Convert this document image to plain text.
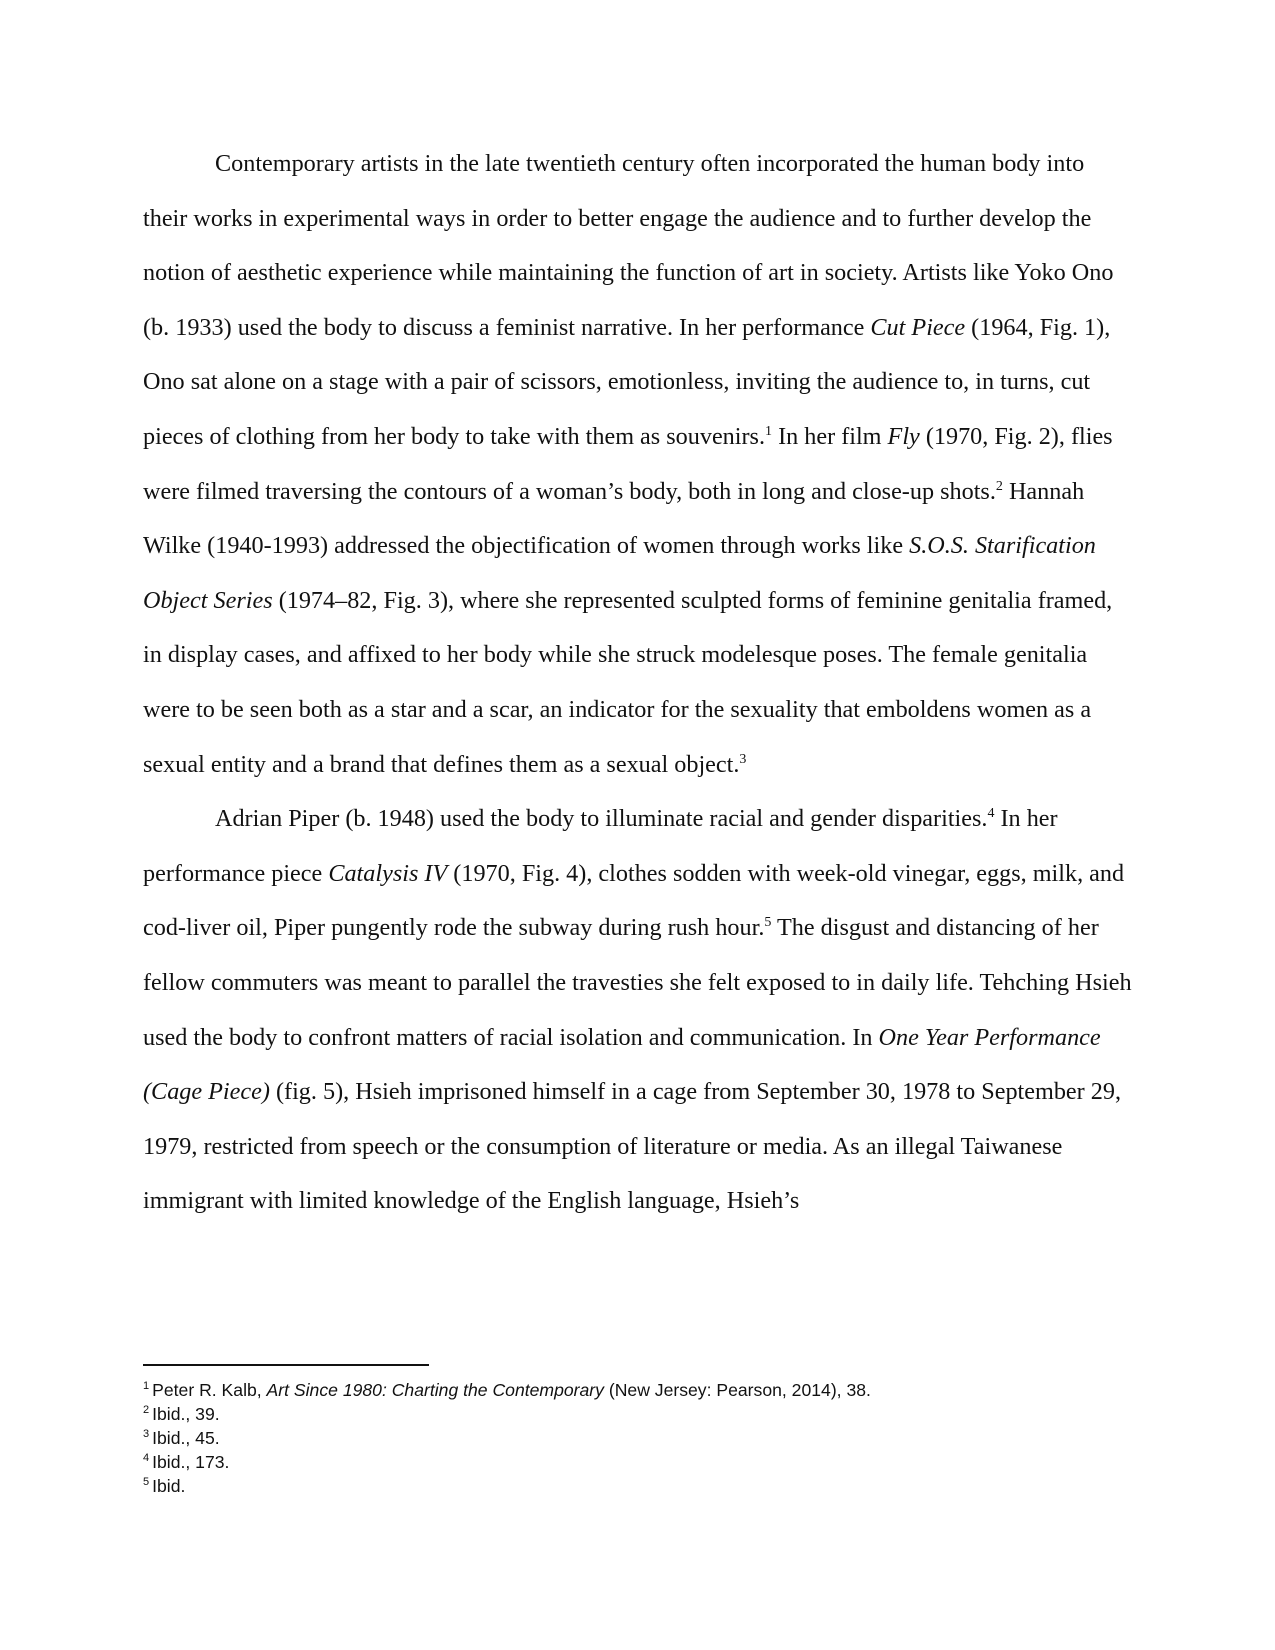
Contemporary artists in the late twentieth century often incorporated the human body into their works in experimental ways in order to better engage the audience and to further develop the notion of aesthetic experience while maintaining the function of art in society. Artists like Yoko Ono (b. 1933) used the body to discuss a feminist narrative. In her performance Cut Piece (1964, Fig. 1), Ono sat alone on a stage with a pair of scissors, emotionless, inviting the audience to, in turns, cut pieces of clothing from her body to take with them as souvenirs.$^1$ In her film Fly (1970, Fig. 2), flies were filmed traversing the contours of a woman’s body, both in long and close-up shots.$^2$ Hannah Wilke (1940-1993) addressed the objectification of women through works like S.O.S. Starification Object Series (1974–82, Fig. 3), where she represented sculpted forms of feminine genitalia framed, in display cases, and affixed to her body while she struck modelesque poses. The female genitalia were to be seen both as a star and a scar, an indicator for the sexuality that emboldens women as a sexual entity and a brand that defines them as a sexual object.$^3$

Adrian Piper (b. 1948) used the body to illuminate racial and gender disparities.$^4$ In her performance piece Catalysis IV (1970, Fig. 4), clothes sodden with week-old vinegar, eggs, milk, and cod-liver oil, Piper pungently rode the subway during rush hour.$^5$ The disgust and distancing of her fellow commuters was meant to parallel the travesties she felt exposed to in daily life. Tehching Hsieh used the body to confront matters of racial isolation and communication. In One Year Performance (Cage Piece) (fig. 5), Hsieh imprisoned himself in a cage from September 30, 1978 to September 29, 1979, restricted from speech or the consumption of literature or media. As an illegal Taiwanese immigrant with limited knowledge of the English language, Hsieh’s

$^1$ Peter R. Kalb, Art Since 1980: Charting the Contemporary (New Jersey: Pearson, 2014), 38.

$^2$ Ibid., 39.

$^3$ Ibid., 45.

$^4$ Ibid., 173.

$^5$ Ibid.
